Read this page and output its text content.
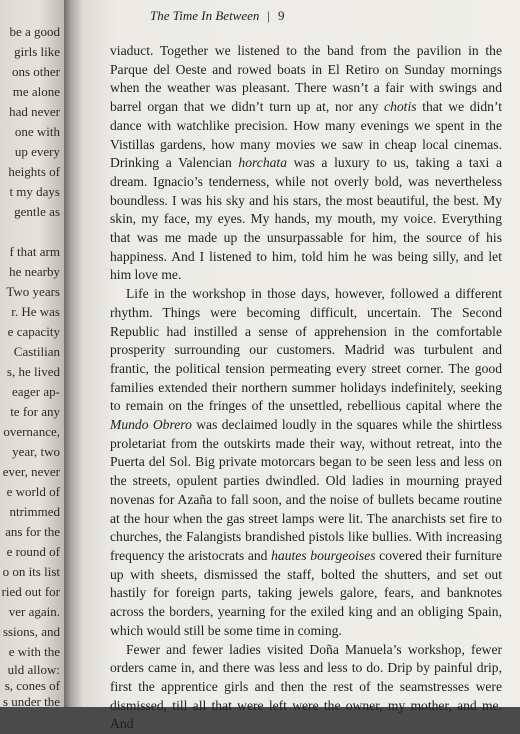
be a good
girls like
ons other
me alone
had never
one with
up every
heights of
t my days
gentle as
f that arm
he nearby
Two years
r. He was
e capacity
Castilian
s, he lived
eager ap-
te for any
overnance,
year, two
ever, never
e world of
ntrimmed
ans for the
e round of
o on its list
ried out for
ver again.
ssions, and
e with the
uld allow:
s, cones of
s under the
The Time In Between | 9

viaduct. Together we listened to the band from the pavilion in the Parque del Oeste and rowed boats in El Retiro on Sunday mornings when the weather was pleasant. There wasn’t a fair with swings and barrel organ that we didn’t turn up at, nor any chotis that we didn’t dance with watchlike precision. How many evenings we spent in the Vistillas gardens, how many movies we saw in cheap local cinemas. Drinking a Valencian horchata was a luxury to us, taking a taxi a dream. Ignacio’s tenderness, while not overly bold, was nevertheless boundless. I was his sky and his stars, the most beautiful, the best. My skin, my face, my eyes. My hands, my mouth, my voice. Everything that was me made up the unsurpassable for him, the source of his happiness. And I listened to him, told him he was being silly, and let him love me.

Life in the workshop in those days, however, followed a different rhythm. Things were becoming difficult, uncertain. The Second Republic had instilled a sense of apprehension in the comfortable prosperity surrounding our customers. Madrid was turbulent and frantic, the political tension permeating every street corner. The good families extended their northern summer holidays indefinitely, seeking to remain on the fringes of the unsettled, rebellious capital where the Mundo Obrero was declaimed loudly in the squares while the shirtless proletariat from the outskirts made their way, without retreat, into the Puerta del Sol. Big private motorcars began to be seen less and less on the streets, opulent parties dwindled. Old ladies in mourning prayed novenas for Azaña to fall soon, and the noise of bullets became routine at the hour when the gas street lamps were lit. The anarchists set fire to churches, the Falangists brandished pistols like bullies. With increasing frequency the aristocrats and hautes bourgeoises covered their furniture up with sheets, dismissed the staff, bolted the shutters, and set out hastily for foreign parts, taking jewels galore, fears, and banknotes across the borders, yearning for the exiled king and an obliging Spain, which would still be some time in coming.

Fewer and fewer ladies visited Doña Manuela’s workshop, fewer orders came in, and there was less and less to do. Drip by painful drip, first the apprentice girls and then the rest of the seamstresses were dismissed, till all that were left were the owner, my mother, and me. And
